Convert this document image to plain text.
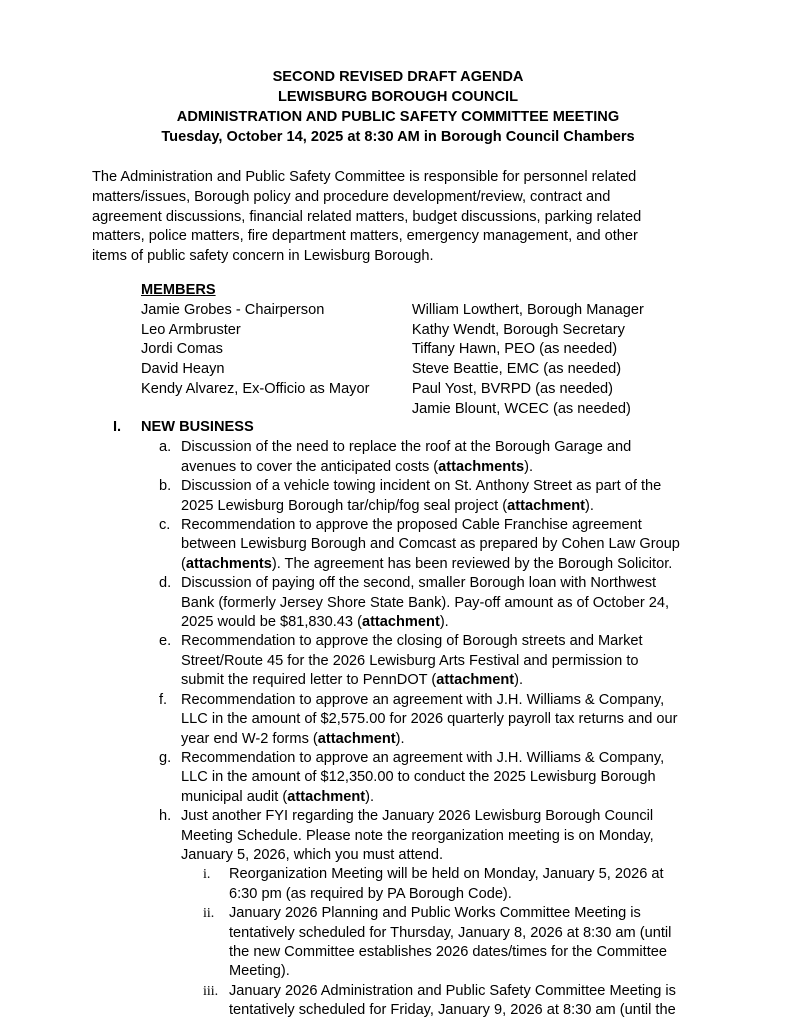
SECOND REVISED DRAFT AGENDA
LEWISBURG BOROUGH COUNCIL
ADMINISTRATION AND PUBLIC SAFETY COMMITTEE MEETING
Tuesday, October 14, 2025 at 8:30 AM in Borough Council Chambers
The Administration and Public Safety Committee is responsible for personnel related
matters/issues, Borough policy and procedure development/review, contract and
agreement discussions, financial related matters, budget discussions, parking related
matters, police matters, fire department matters, emergency management, and other
items of public safety concern in Lewisburg Borough.
MEMBERS
Jamie Grobes - Chairperson
Leo Armbruster
Jordi Comas
David Heayn
Kendy Alvarez, Ex-Officio as Mayor
William Lowthert, Borough Manager
Kathy Wendt, Borough Secretary
Tiffany Hawn, PEO (as needed)
Steve Beattie, EMC (as needed)
Paul Yost, BVRPD (as needed)
Jamie Blount, WCEC (as needed)
I. NEW BUSINESS
a. Discussion of the need to replace the roof at the Borough Garage and
avenues to cover the anticipated costs (attachments).
b. Discussion of a vehicle towing incident on St. Anthony Street as part of the
2025 Lewisburg Borough tar/chip/fog seal project (attachment).
c. Recommendation to approve the proposed Cable Franchise agreement
between Lewisburg Borough and Comcast as prepared by Cohen Law Group
(attachments). The agreement has been reviewed by the Borough Solicitor.
d. Discussion of paying off the second, smaller Borough loan with Northwest
Bank (formerly Jersey Shore State Bank). Pay-off amount as of October 24,
2025 would be $81,830.43 (attachment).
e. Recommendation to approve the closing of Borough streets and Market
Street/Route 45 for the 2026 Lewisburg Arts Festival and permission to
submit the required letter to PennDOT (attachment).
f. Recommendation to approve an agreement with J.H. Williams & Company,
LLC in the amount of $2,575.00 for 2026 quarterly payroll tax returns and our
year end W-2 forms (attachment).
g. Recommendation to approve an agreement with J.H. Williams & Company,
LLC in the amount of $12,350.00 to conduct the 2025 Lewisburg Borough
municipal audit (attachment).
h. Just another FYI regarding the January 2026 Lewisburg Borough Council
Meeting Schedule. Please note the reorganization meeting is on Monday,
January 5, 2026, which you must attend.
i. Reorganization Meeting will be held on Monday, January 5, 2026 at
6:30 pm (as required by PA Borough Code).
ii. January 2026 Planning and Public Works Committee Meeting is
tentatively scheduled for Thursday, January 8, 2026 at 8:30 am (until
the new Committee establishes 2026 dates/times for the Committee
Meeting).
iii. January 2026 Administration and Public Safety Committee Meeting is
tentatively scheduled for Friday, January 9, 2026 at 8:30 am (until the
